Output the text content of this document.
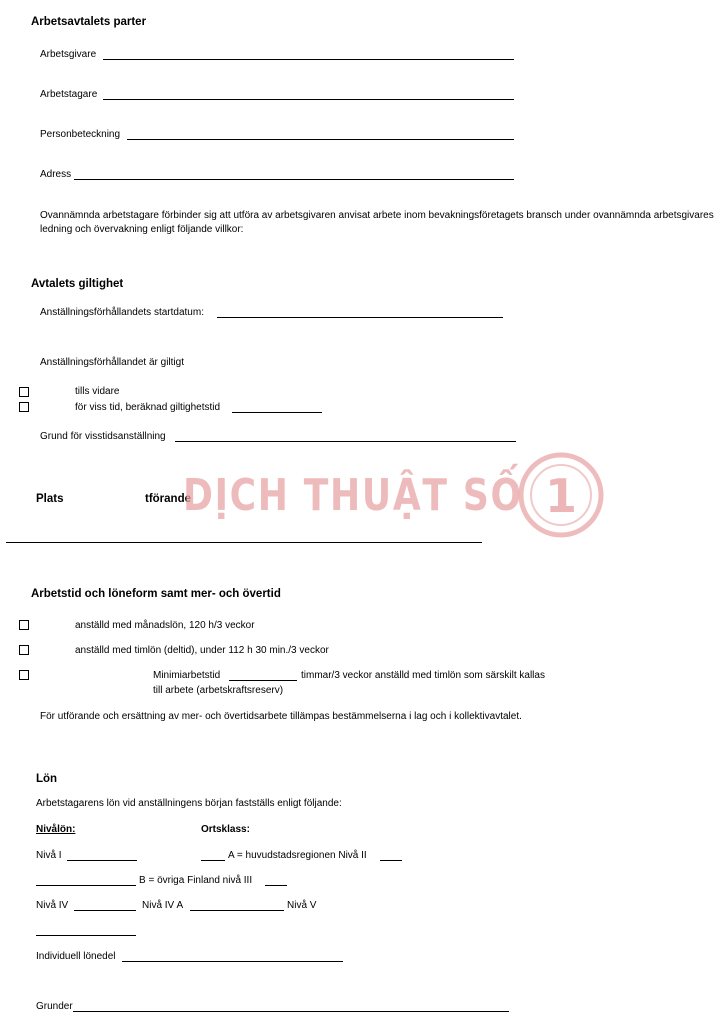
Arbetsavtalets parter
Arbetsgivare
Arbetstagare
Personbeteckning
Adress
Ovannämnda arbetstagare förbinder sig att utföra av arbetsgivaren anvisat arbete inom bevakningsföretagets bransch under ovannämnda arbetsgivares ledning och övervakning enligt följande villkor:
Avtalets giltighet
Anställningsförhållandets startdatum:
Anställningsförhållandet är giltigt
tills vidare
för viss tid, beräknad giltighetstid
Grund för visstidsanställning
Plats	tförande
DỊCH THUẬT SỐ 1
Arbetstid och löneform samt mer- och övertid
anställd med månadslön, 120 h/3 veckor
anställd med timlön (deltid), under 112 h 30 min./3 veckor
Minimiarbetstid	timmar/3 veckor anställd med timlön som särskilt kallas
till arbete (arbetskraftsreserv)
För utförande och ersättning av mer- och övertidsarbete tillämpas bestämmelserna i lag och i kollektivavtalet.
Lön
Arbetstagarens lön vid anställningens början fastställs enligt följande:
Nivålön:	Ortsklass:
Nivå I	A = huvudstadsregionen Nivå II
B = övriga Finland nivå III
Nivå IV	Nivå IV A	Nivå V
Individuell lönedel
Grunder
